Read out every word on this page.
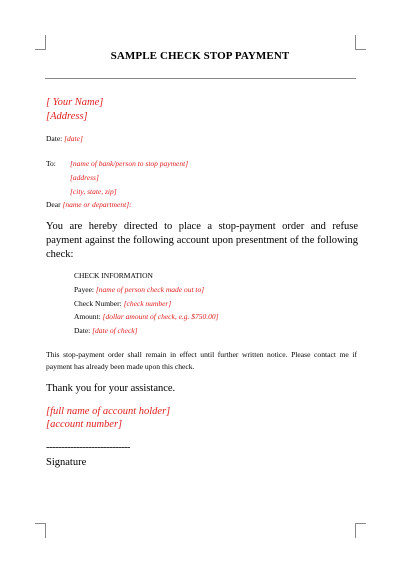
SAMPLE CHECK STOP PAYMENT
[ Your Name]
[Address]
Date: [date]
To: [name of bank/person to stop payment]
[address]
[city, state, zip]
Dear [name or department]:
You are hereby directed to place a stop-payment order and refuse payment against the following account upon presentment of the following check:
CHECK INFORMATION
Payee: [name of person check made out to]
Check Number: [check number]
Amount: [dollar amount of check, e.g. $750.00]
Date: [date of check]
This stop-payment order shall remain in effect until further written notice. Please contact me if payment has already been made upon this check.
Thank you for your assistance.
[full name of account holder]
[account number]
----------------------------
Signature
